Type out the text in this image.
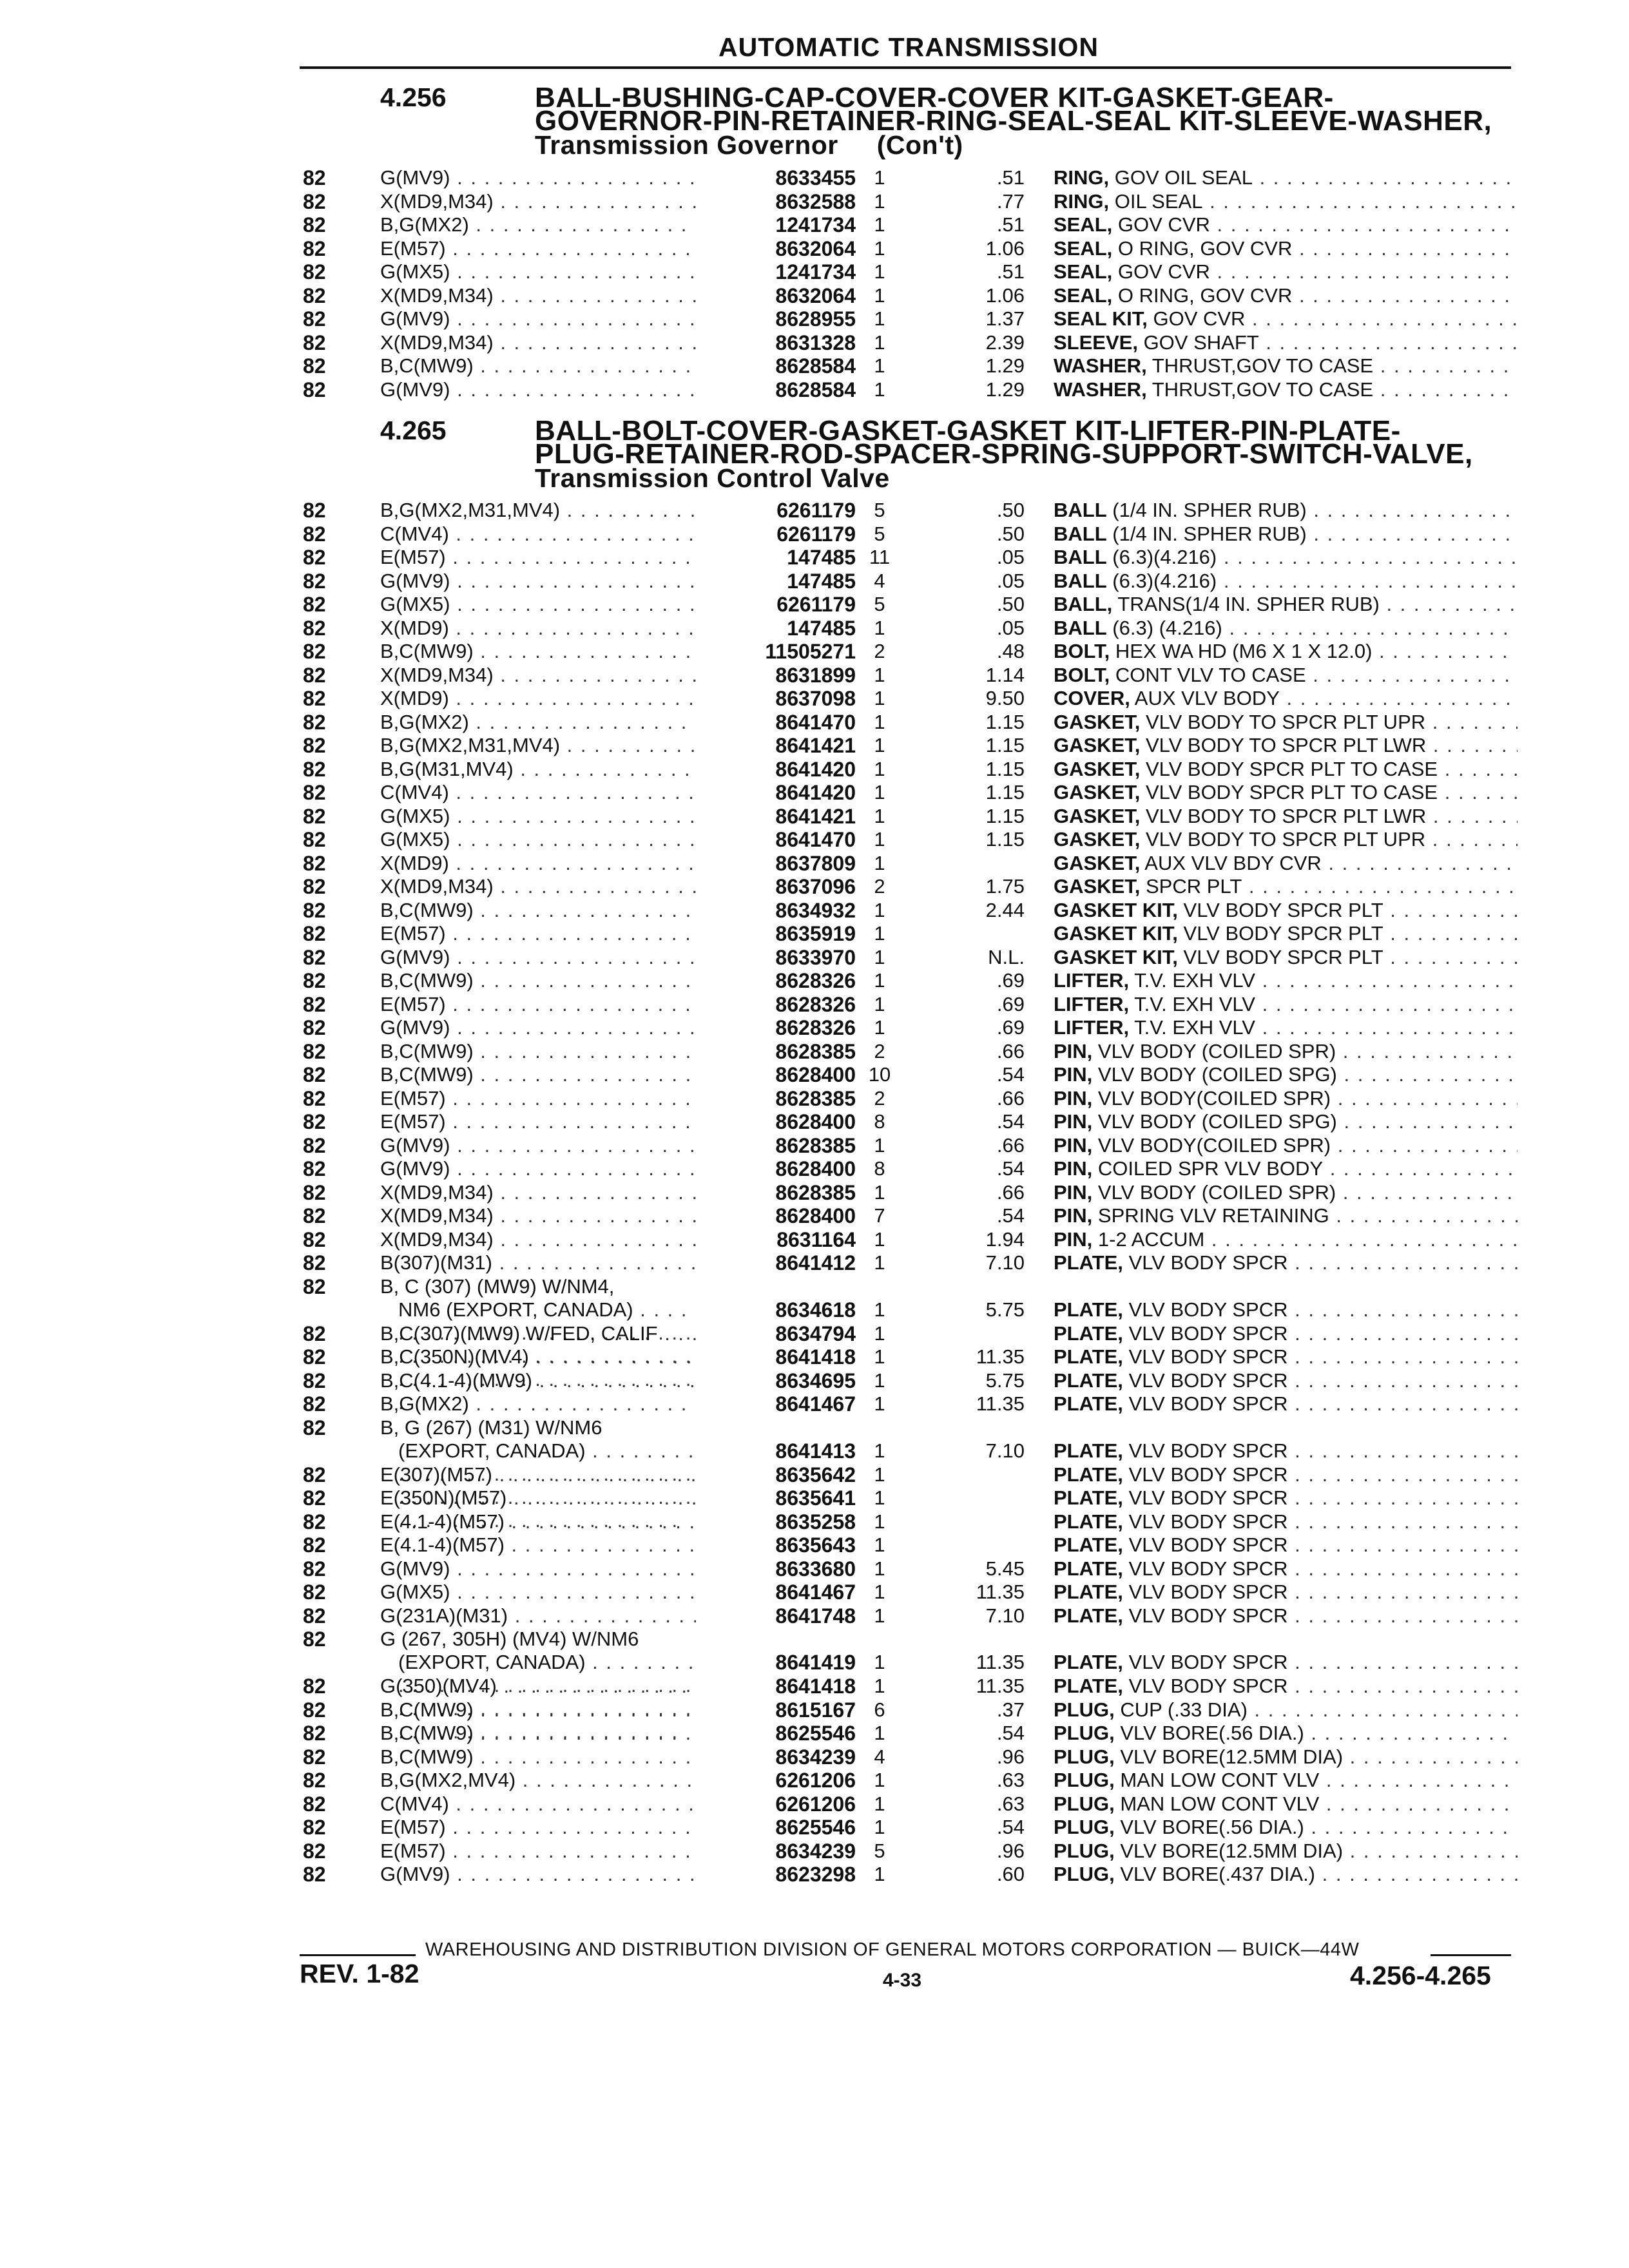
AUTOMATIC TRANSMISSION
4.256	BALL-BUSHING-CAP-COVER-COVER KIT-GASKET-GEAR-
GOVERNOR-PIN-RETAINER-RING-SEAL-SEAL KIT-SLEEVE-WASHER,
Transmission Governor (Con't)
82	G(MV9) . . .	8633455 1	.51 RING, GOV OIL SEAL . . .
82	X(MD9,M34) . . .	8632588 1	.77 RING, OIL SEAL . . .
82	B,G(MX2) . . .	1241734 1	.51 SEAL, GOV CVR . . .
82	E(M57) . . .	8632064 1	1.06 SEAL, O RING, GOV CVR . . .
82	G(MX5) . . .	1241734 1	.51 SEAL, GOV CVR . . .
82	X(MD9,M34) . . .	8632064 1	1.06 SEAL, O RING, GOV CVR . . .
82	G(MV9) . . .	8628955 1	1.37 SEAL KIT, GOV CVR . . .
82	X(MD9,M34) . . .	8631328 1	2.39 SLEEVE, GOV SHAFT . . .
82	B,C(MW9) . . .	8628584 1	1.29 WASHER, THRUST,GOV TO CASE . . .
82	G(MV9) . . .	8628584 1	1.29 WASHER, THRUST,GOV TO CASE . . .
4.265	BALL-BOLT-COVER-GASKET-GASKET KIT-LIFTER-PIN-PLATE-
PLUG-RETAINER-ROD-SPACER-SPRING-SUPPORT-SWITCH-VALVE,
Transmission Control Valve
82	B,G(MX2,M31,MV4) . . .	6261179 5	.50 BALL (1/4 IN. SPHER RUB) . . .
82	C(MV4) . . .	6261179 5	.50 BALL (1/4 IN. SPHER RUB) . . .
82	E(M57) . . .	147485 11	.05 BALL (6.3)(4.216) . . .
82	G(MV9) . . .	147485 4	.05 BALL (6.3)(4.216) . . .
82	G(MX5) . . .	6261179 5	.50 BALL, TRANS(1/4 IN. SPHER RUB) . . .
82	X(MD9) . . .	147485 1	.05 BALL (6.3) (4.216) . . .
82	B,C(MW9) . . .	11505271 2	.48 BOLT, HEX WA HD (M6 X 1 X 12.0) . . .
82	X(MD9,M34) . . .	8631899 1	1.14 BOLT, CONT VLV TO CASE . . .
82	X(MD9) . . .	8637098 1	9.50 COVER, AUX VLV BODY . . .
82	B,G(MX2) . . .	8641470 1	1.15 GASKET, VLV BODY TO SPCR PLT UPR . . .
82	B,G(MX2,M31,MV4) . . .	8641421 1	1.15 GASKET, VLV BODY TO SPCR PLT LWR . . .
82	B,G(M31,MV4) . . .	8641420 1	1.15 GASKET, VLV BODY SPCR PLT TO CASE . . .
82	C(MV4) . . .	8641420 1	1.15 GASKET, VLV BODY SPCR PLT TO CASE . . .
82	G(MX5) . . .	8641421 1	1.15 GASKET, VLV BODY TO SPCR PLT LWR . . .
82	G(MX5) . . .	8641470 1	1.15 GASKET, VLV BODY TO SPCR PLT UPR . . .
82	X(MD9) . . .	8637809 1	GASKET, AUX VLV BDY CVR . . .
82	X(MD9,M34) . . .	8637096 2	1.75 GASKET, SPCR PLT . . .
82	B,C(MW9) . . .	8634932 1	2.44 GASKET KIT, VLV BODY SPCR PLT . . .
82	E(M57) . . .	8635919 1	GASKET KIT, VLV BODY SPCR PLT . . .
82	G(MV9) . . .	8633970 1	N.L. GASKET KIT, VLV BODY SPCR PLT . . .
82	B,C(MW9) . . .	8628326 1	.69 LIFTER, T.V. EXH VLV . . .
82	E(M57) . . .	8628326 1	.69 LIFTER, T.V. EXH VLV . . .
82	G(MV9) . . .	8628326 1	.69 LIFTER, T.V. EXH VLV . . .
82	B,C(MW9) . . .	8628385 2	.66 PIN, VLV BODY (COILED SPR) . . .
82	B,C(MW9) . . .	8628400 10	.54 PIN, VLV BODY (COILED SPG) . . .
82	E(M57) . . .	8628385 2	.66 PIN, VLV BODY(COILED SPR) . . .
82	E(M57) . . .	8628400 8	.54 PIN, VLV BODY (COILED SPG) . . .
82	G(MV9) . . .	8628385 1	.66 PIN, VLV BODY(COILED SPR) . . .
82	G(MV9) . . .	8628400 8	.54 PIN, COILED SPR VLV BODY . . .
82	X(MD9,M34) . . .	8628385 1	.66 PIN, VLV BODY (COILED SPR) . . .
82	X(MD9,M34) . . .	8628400 7	.54 PIN, SPRING VLV RETAINING . . .
82	X(MD9,M34) . . .	8631164 1	1.94 PIN, 1-2 ACCUM . . .
82	B(307)(M31) . . .	8641412 1	7.10 PLATE, VLV BODY SPCR . . .
82	B, C (307) (MW9) W/NM4,
NM6 (EXPORT, CANADA) . . .	8634618 1	5.75 PLATE, VLV BODY SPCR . . .
82	B,C(307)(MW9) W/FED, CALIF . . .	8634794 1	PLATE, VLV BODY SPCR . . .
82	B,C(350N)(MV4) . . .	8641418 1	11.35 PLATE, VLV BODY SPCR . . .
82	B,C(4.1-4)(MW9) . . .	8634695 1	5.75 PLATE, VLV BODY SPCR . . .
82	B,G(MX2) . . .	8641467 1	11.35 PLATE, VLV BODY SPCR . . .
82	B, G (267) (M31) W/NM6
(EXPORT, CANADA) . . .	8641413 1	7.10 PLATE, VLV BODY SPCR . . .
82	E(307)(M57) . . .	8635642 1	PLATE, VLV BODY SPCR . . .
82	E(350N)(M57) . . .	8635641 1	PLATE, VLV BODY SPCR . . .
82	E(4.1-4)(M57) . . .	8635258 1	PLATE, VLV BODY SPCR . . .
82	E(4.1-4)(M57) . . .	8635643 1	PLATE, VLV BODY SPCR . . .
82	G(MV9) . . .	8633680 1	5.45 PLATE, VLV BODY SPCR . . .
82	G(MX5) . . .	8641467 1	11.35 PLATE, VLV BODY SPCR . . .
82	G(231A)(M31) . . .	8641748 1	7.10 PLATE, VLV BODY SPCR . . .
82	G (267, 305H) (MV4) W/NM6
(EXPORT, CANADA) . . .	8641419 1	11.35 PLATE, VLV BODY SPCR . . .
82	G(350)(MV4) . . .	8641418 1	11.35 PLATE, VLV BODY SPCR . . .
82	B,C(MW9) . . .	8615167 6	.37 PLUG, CUP (.33 DIA) . . .
82	B,C(MW9) . . .	8625546 1	.54 PLUG, VLV BORE(.56 DIA.) . . .
82	B,C(MW9) . . .	8634239 4	.96 PLUG, VLV BORE(12.5MM DIA) . . .
82	B,G(MX2,MV4) . . .	6261206 1	.63 PLUG, MAN LOW CONT VLV . . .
82	C(MV4) . . .	6261206 1	.63 PLUG, MAN LOW CONT VLV . . .
82	E(M57) . . .	8625546 1	.54 PLUG, VLV BORE(.56 DIA.) . . .
82	E(M57) . . .	8634239 5	.96 PLUG, VLV BORE(12.5MM DIA) . . .
82	G(MV9) . . .	8623298 1	.60 PLUG, VLV BORE(.437 DIA.) . . .
WAREHOUSING AND DISTRIBUTION DIVISION OF GENERAL MOTORS CORPORATION — BUICK—44W
REV. 1-82	4-33	4.256-4.265
